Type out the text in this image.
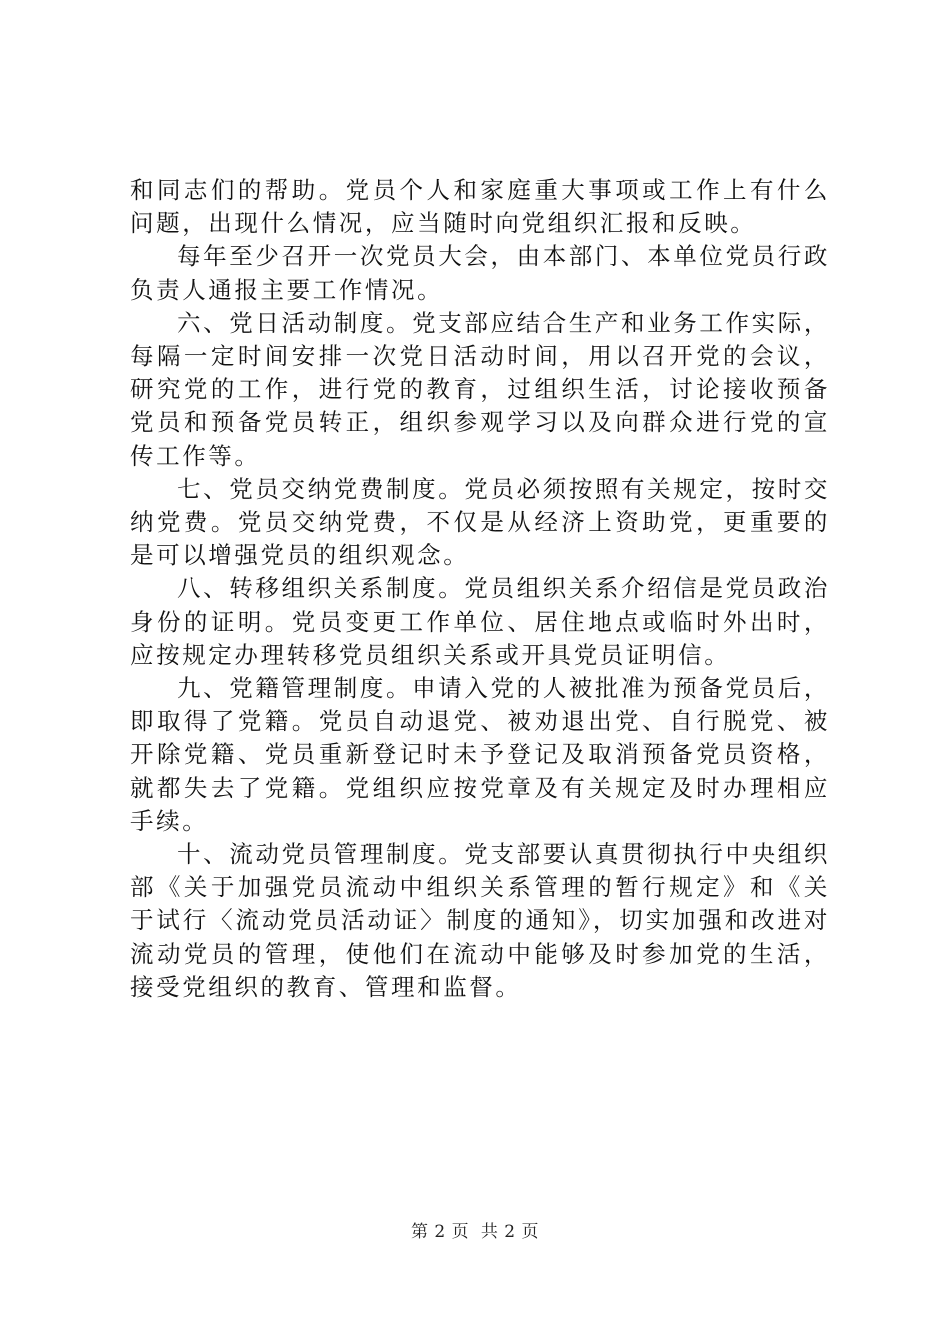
和同志们的帮助。党员个人和家庭重大事项或工作上有什么问题，出现什么情况，应当随时向党组织汇报和反映。

每年至少召开一次党员大会，由本部门、本单位党员行政负责人通报主要工作情况。

六、党日活动制度。党支部应结合生产和业务工作实际，每隔一定时间安排一次党日活动时间，用以召开党的会议，研究党的工作，进行党的教育，过组织生活，讨论接收预备党员和预备党员转正，组织参观学习以及向群众进行党的宣传工作等。

七、党员交纳党费制度。党员必须按照有关规定，按时交纳党费。党员交纳党费，不仅是从经济上资助党，更重要的是可以增强党员的组织观念。

八、转移组织关系制度。党员组织关系介绍信是党员政治身份的证明。党员变更工作单位、居住地点或临时外出时，应按规定办理转移党员组织关系或开具党员证明信。

九、党籍管理制度。申请入党的人被批准为预备党员后，即取得了党籍。党员自动退党、被劝退出党、自行脱党、被开除党籍、党员重新登记时未予登记及取消预备党员资格，就都失去了党籍。党组织应按党章及有关规定及时办理相应手续。

十、流动党员管理制度。党支部要认真贯彻执行中央组织部《关于加强党员流动中组织关系管理的暂行规定》和《关于试行〈流动党员活动证〉制度的通知》，切实加强和改进对流动党员的管理，使他们在流动中能够及时参加党的生活，接受党组织的教育、管理和监督。

第 2 页  共 2 页
